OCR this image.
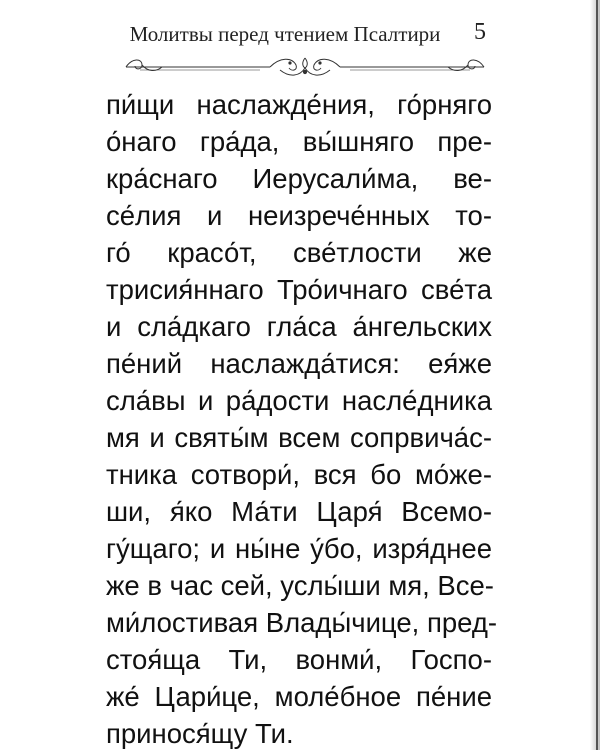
Молитвы перед чтением Псалтири	5
пи́щи наслажде́ния, го́рняго
о́наго гра́да, вы́шняго пре-
кра́снаго Иерусали́ма, ве-
се́лия и неизрече́нных то-
го́ красо́т, све́тлости же
трисия́ннаго Тро́ичнаго све́та
и сла́дкаго гла́са а́нгельских
пе́ний наслажда́тися: ея́же
сла́вы и ра́дости насле́дника
мя и святы́м всем сопрвича́с-
тника сотвори́, вся бо мо́же-
ши, я́ко Ма́ти Царя́ Всемо-
гу́щаго; и ны́не у́бо, изря́днее
же в час сей, услы́ши мя, Все-
ми́лостивая Влады́чице, пред-
стоя́ща Ти, вонми́, Госпо-
же́ Цари́це, моле́бное пе́ние
принося́щу Ти.
